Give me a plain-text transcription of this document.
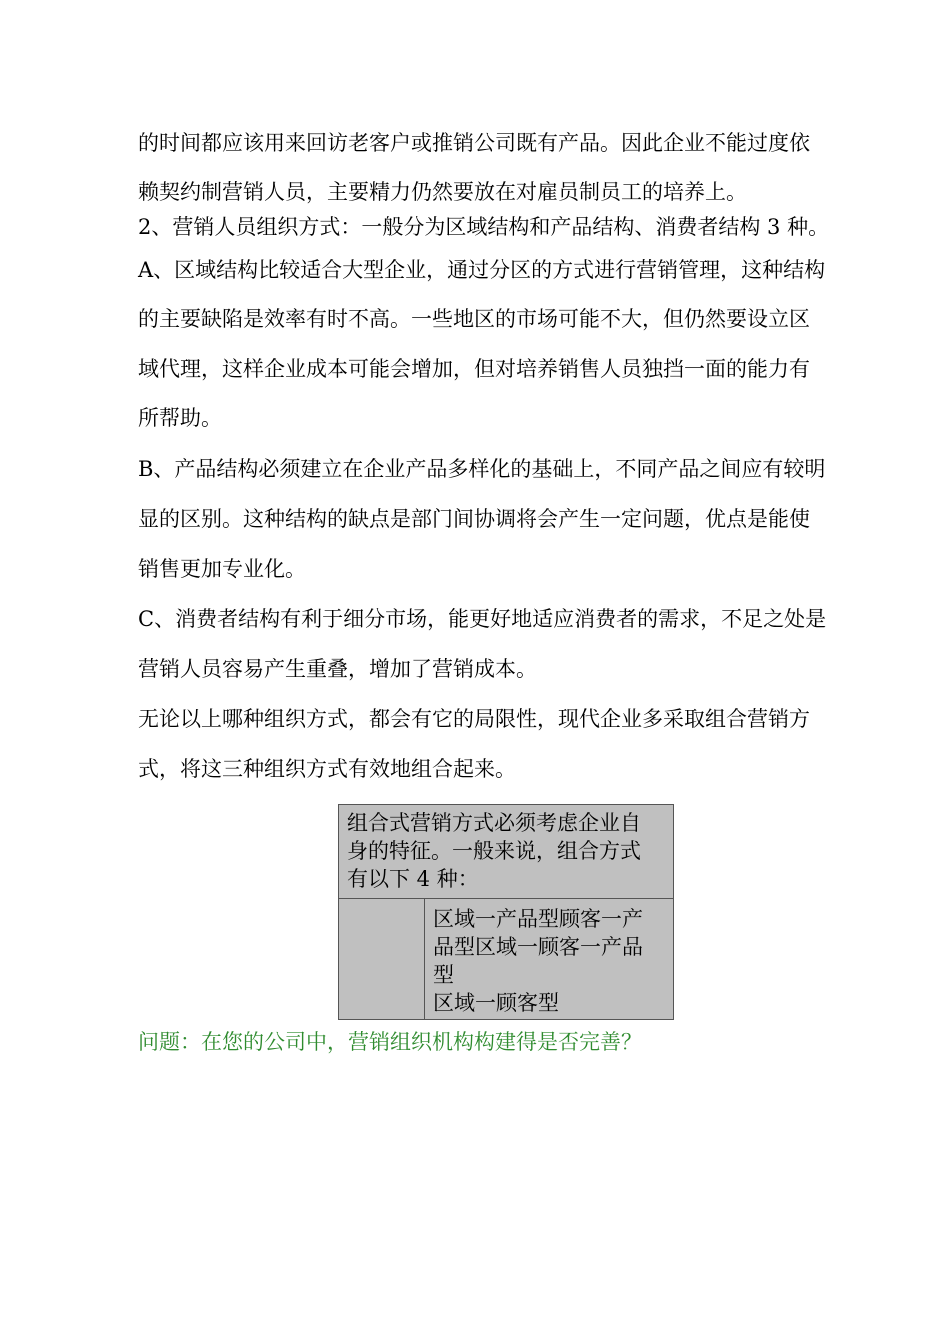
的时间都应该用来回访老客户或推销公司既有产品。因此企业不能过度依

赖契约制营销人员，主要精力仍然要放在对雇员制员工的培养上。

2、营销人员组织方式：一般分为区域结构和产品结构、消费者结构 3 种。

A、区域结构比较适合大型企业，通过分区的方式进行营销管理，这种结构

的主要缺陷是效率有时不高。一些地区的市场可能不大，但仍然要设立区

域代理，这样企业成本可能会增加，但对培养销售人员独挡一面的能力有

所帮助。

B、产品结构必须建立在企业产品多样化的基础上，不同产品之间应有较明

显的区别。这种结构的缺点是部门间协调将会产生一定问题，优点是能使

销售更加专业化。

C、消费者结构有利于细分市场，能更好地适应消费者的需求，不足之处是

营销人员容易产生重叠，增加了营销成本。

无论以上哪种组织方式，都会有它的局限性，现代企业多采取组合营销方

式，将这三种组织方式有效地组合起来。

组合式营销方式必须考虑企业自
身的特征。一般来说，组合方式
有以下 4 种：
区域一产品型顾客一产
品型区域一顾客一产品
型
区域一顾客型

问题：在您的公司中，营销组织机构构建得是否完善？
